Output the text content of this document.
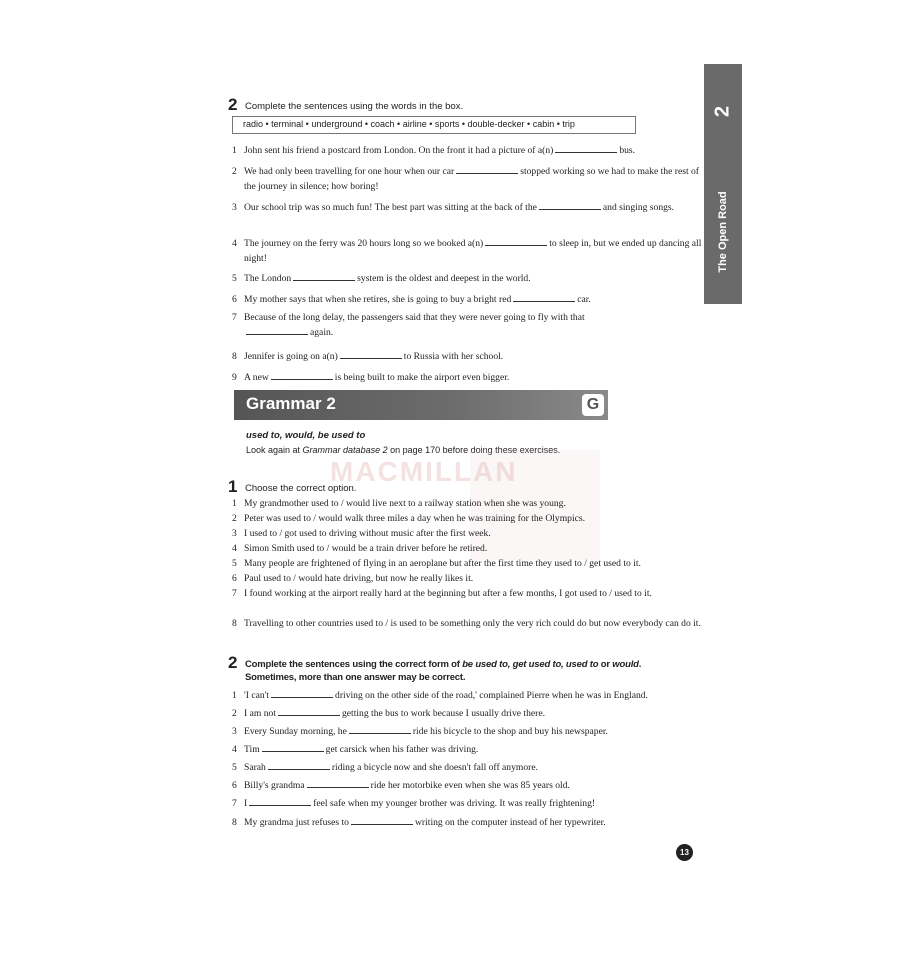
2
The Open Road
2 Complete the sentences using the words in the box.
radio • terminal • underground • coach • airline • sports • double-decker • cabin • trip
1 John sent his friend a postcard from London. On the front it had a picture of a(n)	bus.
2 We had only been travelling for one hour when our car	stopped working so we had to make the rest of the journey in silence; how boring!
3 Our school trip was so much fun! The best part was sitting at the back of the	and singing songs.
4 The journey on the ferry was 20 hours long so we booked a(n)	to sleep in, but we ended up dancing all night!
5 The London	system is the oldest and deepest in the world.
6 My mother says that when she retires, she is going to buy a bright red	car.
7 Because of the long delay, the passengers said that they were never going to fly with that
again.
8 Jennifer is going on a(n)	to Russia with her school.
9 A new	is being built to make the airport even bigger.
Grammar 2	G
used to, would, be used to
Look again at Grammar database 2 on page 170 before doing these exercises.
MACMILLAN
1 Choose the correct option.
1 My grandmother used to / would live next to a railway station when she was young.
2 Peter was used to / would walk three miles a day when he was training for the Olympics.
3 I used to / got used to driving without music after the first week.
4 Simon Smith used to / would be a train driver before he retired.
5 Many people are frightened of flying in an aeroplane but after the first time they used to / get used to it.
6 Paul used to / would hate driving, but now he really likes it.
7 I found working at the airport really hard at the beginning but after a few months, I got used to / used to it.
8 Travelling to other countries used to / is used to be something only the very rich could do but now everybody can do it.
2 Complete the sentences using the correct form of be used to, get used to, used to or would.
Sometimes, more than one answer may be correct.
1 'I can't	driving on the other side of the road,' complained Pierre when he was in England.
2 I am not	getting the bus to work because I usually drive there.
3 Every Sunday morning, he	ride his bicycle to the shop and buy his newspaper.
4 Tim	get carsick when his father was driving.
5 Sarah	riding a bicycle now and she doesn't fall off anymore.
6 Billy's grandma	ride her motorbike even when she was 85 years old.
7 I	feel safe when my younger brother was driving. It was really frightening!
8 My grandma just refuses to	writing on the computer instead of her typewriter.
13
